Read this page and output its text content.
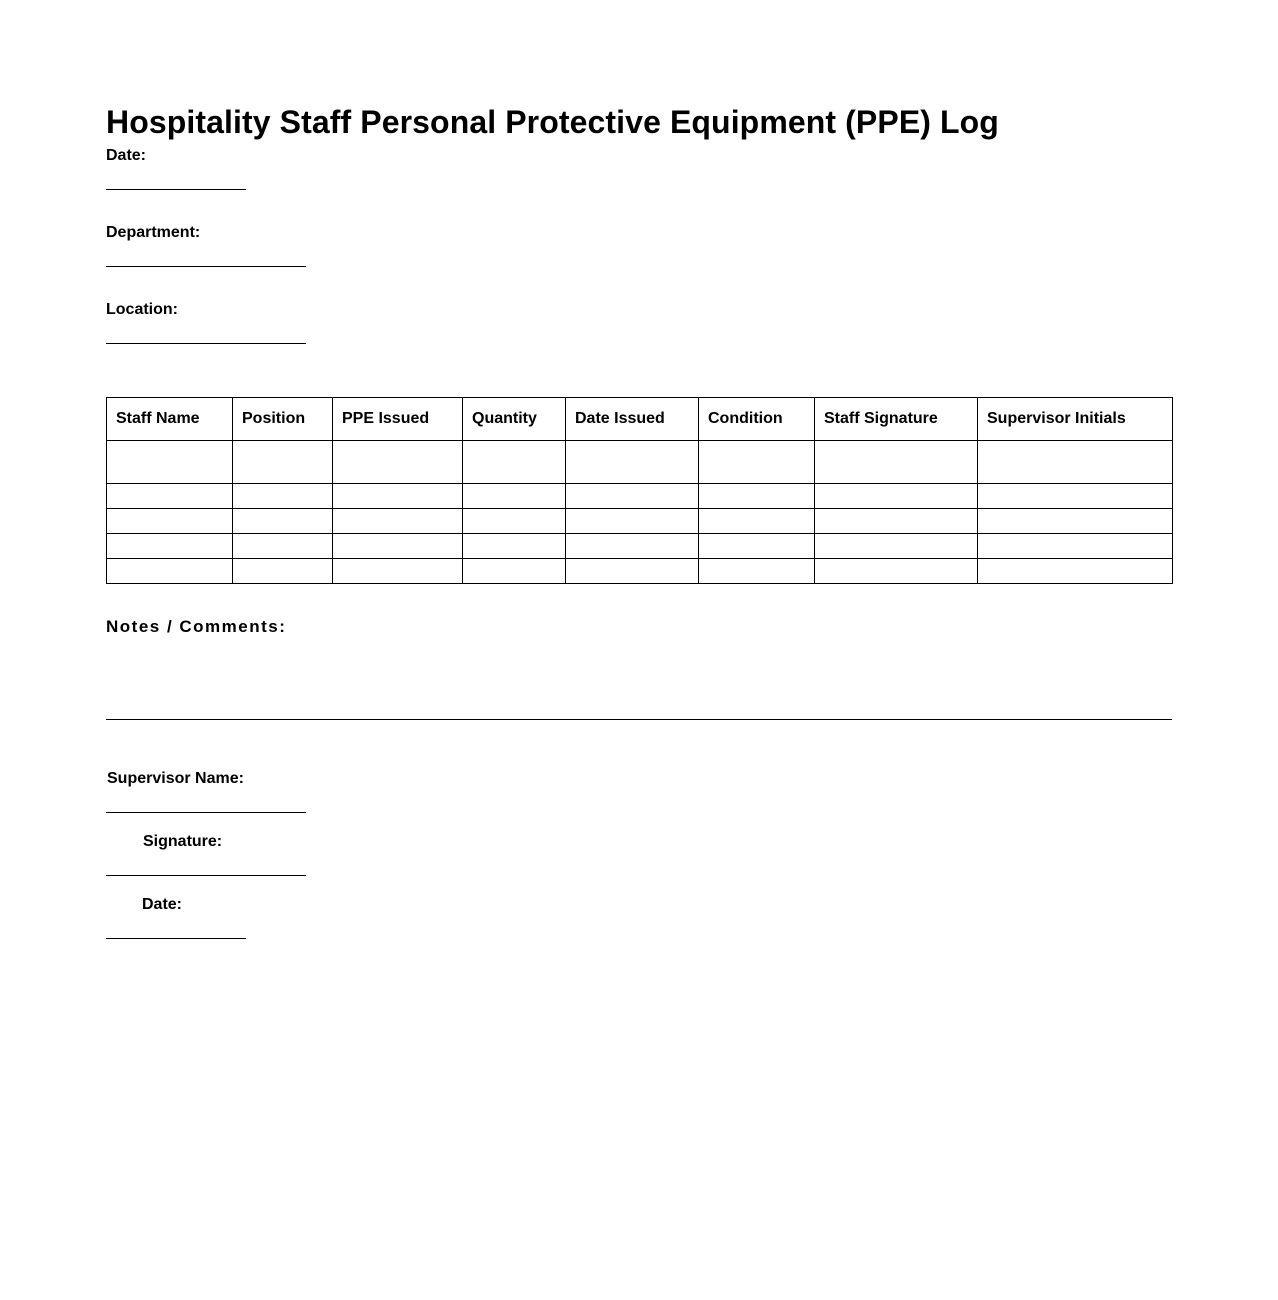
Hospitality Staff Personal Protective Equipment (PPE) Log
Date:
Department:
Location:
Staff Name	Position	PPE Issued	Quantity	Date Issued	Condition	Staff Signature	Supervisor Initials

Notes / Comments:
Supervisor Name:
Signature:
Date:
